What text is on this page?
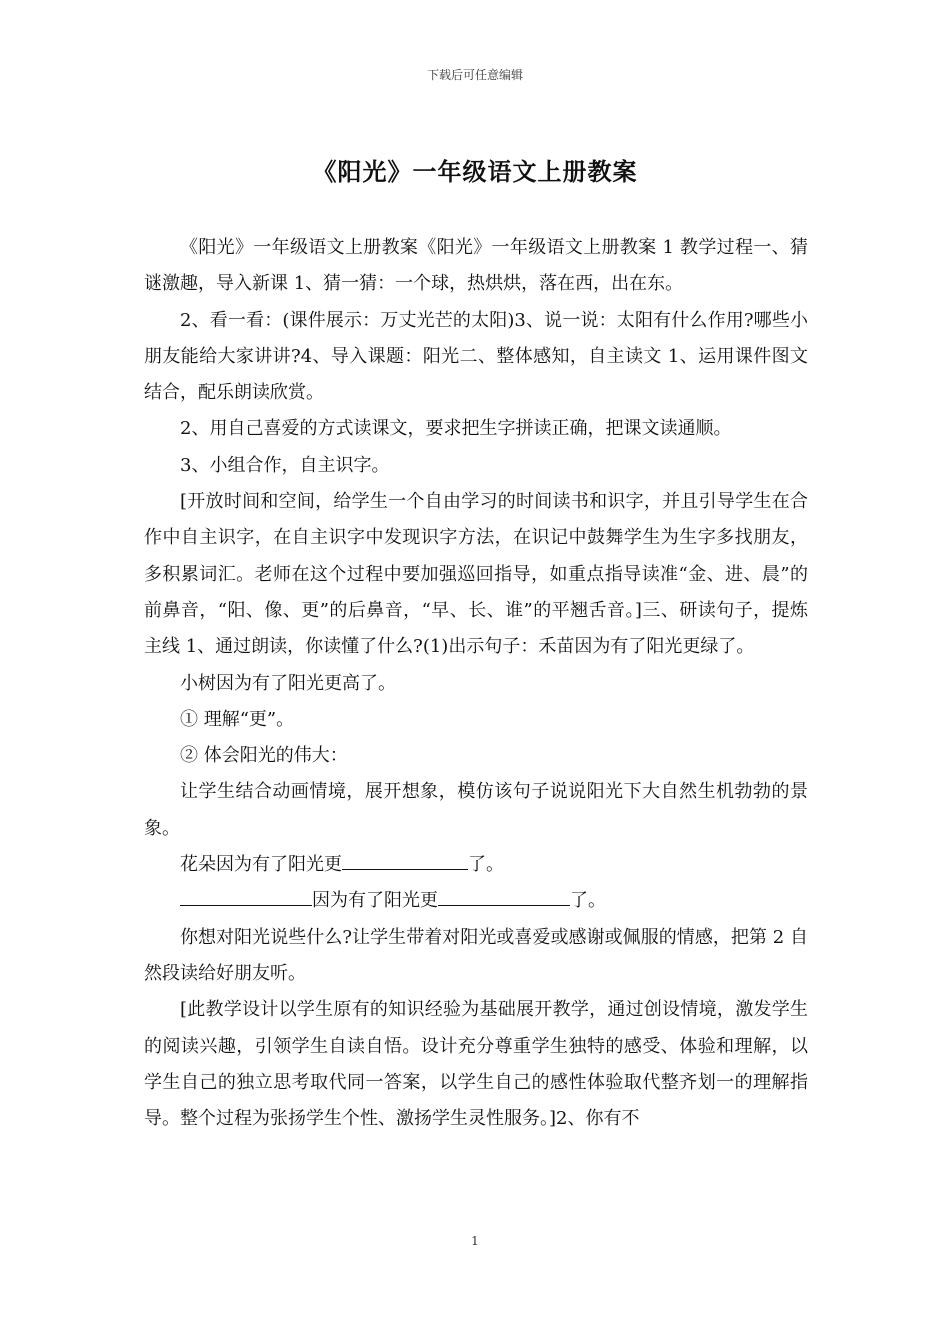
下载后可任意编辑
《阳光》一年级语文上册教案

《阳光》一年级语文上册教案《阳光》一年级语文上册教案 1 教学过程一、猜谜激趣，导入新课 1、猜一猜：一个球，热烘烘，落在西，出在东。

2、看一看：(课件展示：万丈光芒的太阳)3、说一说：太阳有什么作用?哪些小朋友能给大家讲讲?4、导入课题：阳光二、整体感知，自主读文 1、运用课件图文结合，配乐朗读欣赏。

2、用自己喜爱的方式读课文，要求把生字拼读正确，把课文读通顺。

3、小组合作，自主识字。

[开放时间和空间，给学生一个自由学习的时间读书和识字，并且引导学生在合作中自主识字，在自主识字中发现识字方法，在识记中鼓舞学生为生字多找朋友，多积累词汇。老师在这个过程中要加强巡回指导，如重点指导读准“金、进、晨”的前鼻音，“阳、像、更”的后鼻音，“早、长、谁”的平翘舌音。]三、研读句子，提炼主线 1、通过朗读，你读懂了什么?(1)出示句子：禾苗因为有了阳光更绿了。

小树因为有了阳光更高了。

① 理解“更”。

② 体会阳光的伟大：

让学生结合动画情境，展开想象，模仿该句子说说阳光下大自然生机勃勃的景象。

花朵因为有了阳光更	了。

因为有了阳光更	了。

你想对阳光说些什么?让学生带着对阳光或喜爱或感谢或佩服的情感，把第 2 自然段读给好朋友听。

[此教学设计以学生原有的知识经验为基础展开教学，通过创设情境，激发学生的阅读兴趣，引领学生自读自悟。设计充分尊重学生独特的感受、体验和理解，以学生自己的独立思考取代同一答案，以学生自己的感性体验取代整齐划一的理解指导。整个过程为张扬学生个性、激扬学生灵性服务。]2、你有不

1
